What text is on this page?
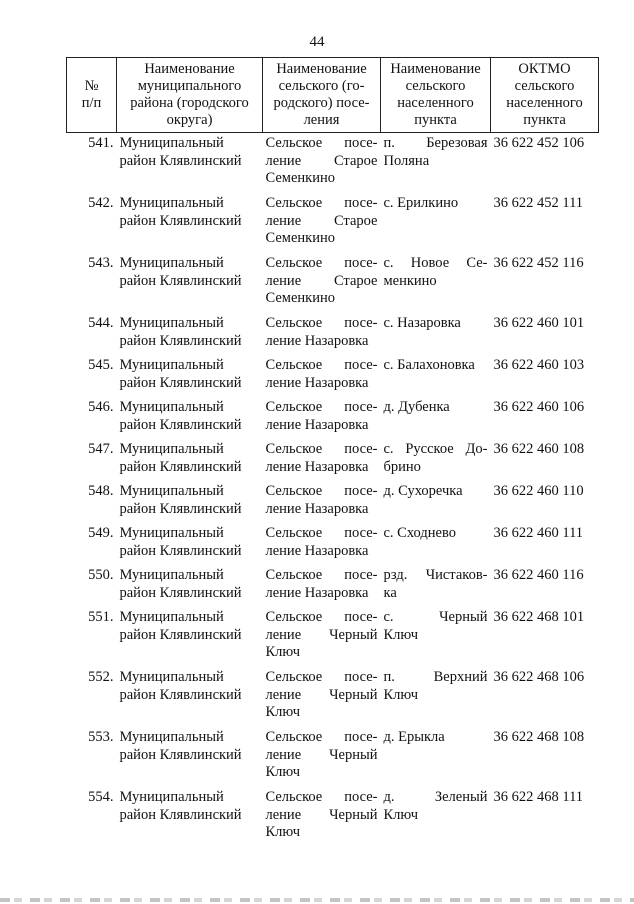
44
№
п/п	Наименование
муниципального
района (городского
округа)	Наименование
сельского (го-
родского) посе-
ления	Наименование
сельского
населенного
пункта	ОКТМО
сельского
населенного
пункта

541.	Муниципальный
район Клявлинский	Сельское посе-
ление Старое
Семенкино	п. Березовая
Поляна	36 622 452 106
542.	Муниципальный
район Клявлинский	Сельское посе-
ление Старое
Семенкино	с. Ерилкино	36 622 452 111
543.	Муниципальный
район Клявлинский	Сельское посе-
ление Старое
Семенкино	с. Новое Се-
менкино	36 622 452 116
544.	Муниципальный
район Клявлинский	Сельское посе-
ление Назаровка	с. Назаровка	36 622 460 101
545.	Муниципальный
район Клявлинский	Сельское посе-
ление Назаровка	с. Балахоновка	36 622 460 103
546.	Муниципальный
район Клявлинский	Сельское посе-
ление Назаровка	д. Дубенка	36 622 460 106
547.	Муниципальный
район Клявлинский	Сельское посе-
ление Назаровка	с. Русское До-
брино	36 622 460 108
548.	Муниципальный
район Клявлинский	Сельское посе-
ление Назаровка	д. Сухоречка	36 622 460 110
549.	Муниципальный
район Клявлинский	Сельское посе-
ление Назаровка	с. Сходнево	36 622 460 111
550.	Муниципальный
район Клявлинский	Сельское посе-
ление Назаровка	рзд. Чистаков-
ка	36 622 460 116
551.	Муниципальный
район Клявлинский	Сельское посе-
ление Черный
Ключ	с. Черный
Ключ	36 622 468 101
552.	Муниципальный
район Клявлинский	Сельское посе-
ление Черный
Ключ	п. Верхний
Ключ	36 622 468 106
553.	Муниципальный
район Клявлинский	Сельское посе-
ление Черный
Ключ	д. Ерыкла	36 622 468 108
554.	Муниципальный
район Клявлинский	Сельское посе-
ление Черный
Ключ	д. Зеленый
Ключ	36 622 468 111
